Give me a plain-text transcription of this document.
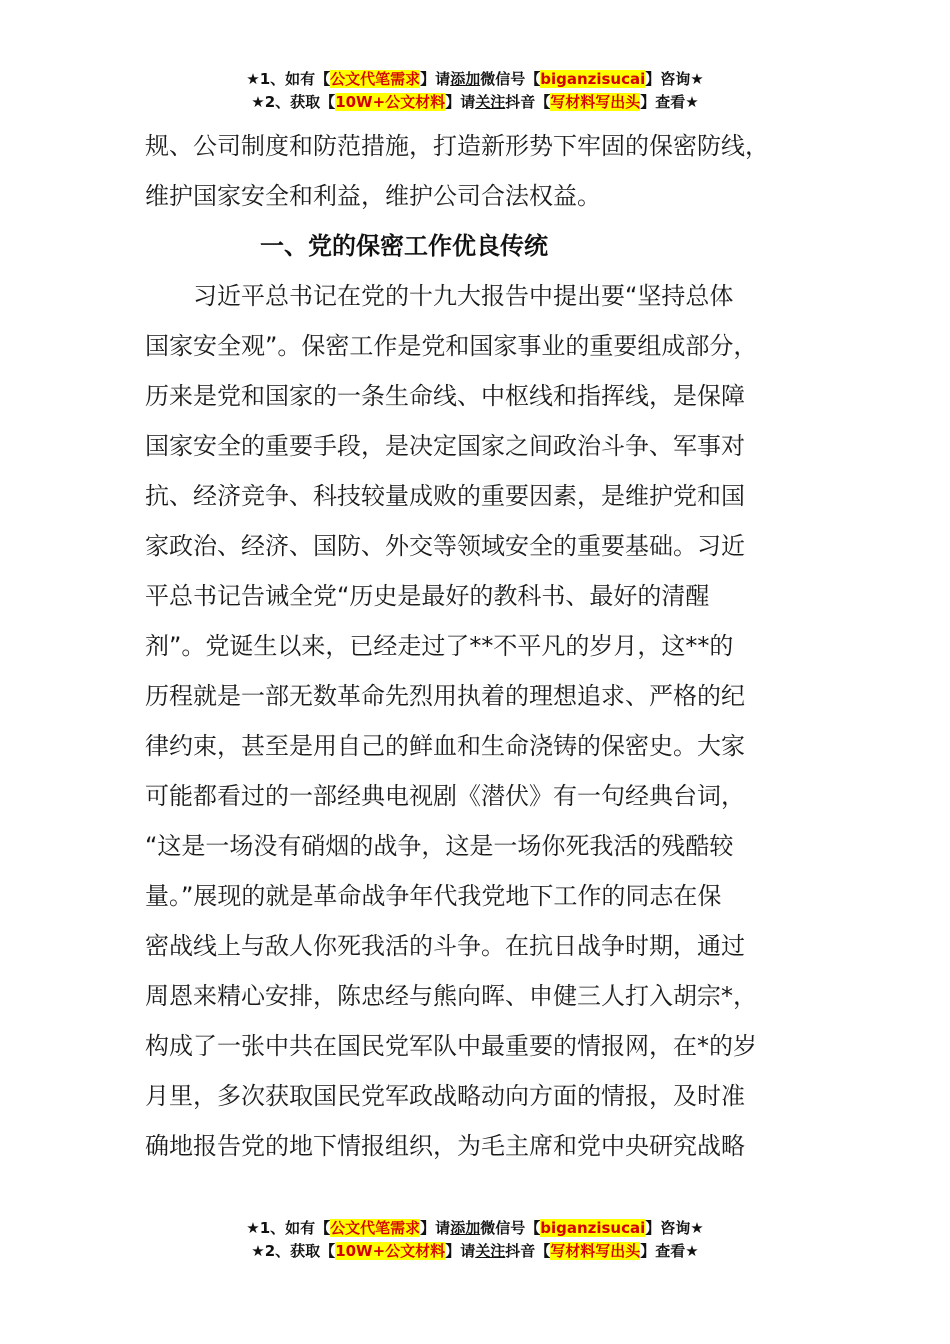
★1、如有【公文代笔需求】请添加微信号【biganzisucai】咨询★
★2、获取【10W+公文材料】请关注抖音【写材料写出头】查看★
规、公司制度和防范措施，打造新形势下牢固的保密防线，
维护国家安全和利益，维护公司合法权益。
一、党的保密工作优良传统
　　习近平总书记在党的十九大报告中提出要“坚持总体
国家安全观”。保密工作是党和国家事业的重要组成部分，
历来是党和国家的一条生命线、中枢线和指挥线，是保障
国家安全的重要手段，是决定国家之间政治斗争、军事对
抗、经济竞争、科技较量成败的重要因素，是维护党和国
家政治、经济、国防、外交等领域安全的重要基础。习近
平总书记告诫全党“历史是最好的教科书、最好的清醒
剂”。党诞生以来，已经走过了**不平凡的岁月，这**的
历程就是一部无数革命先烈用执着的理想追求、严格的纪
律约束，甚至是用自己的鲜血和生命浇铸的保密史。大家
可能都看过的一部经典电视剧《潜伏》有一句经典台词，
“这是一场没有硝烟的战争，这是一场你死我活的残酷较
量。”展现的就是革命战争年代我党地下工作的同志在保
密战线上与敌人你死我活的斗争。在抗日战争时期，通过
周恩来精心安排，陈忠经与熊向晖、申健三人打入胡宗*，
构成了一张中共在国民党军队中最重要的情报网，在*的岁
月里，多次获取国民党军政战略动向方面的情报，及时准
确地报告党的地下情报组织，为毛主席和党中央研究战略
★1、如有【公文代笔需求】请添加微信号【biganzisucai】咨询★
★2、获取【10W+公文材料】请关注抖音【写材料写出头】查看★
